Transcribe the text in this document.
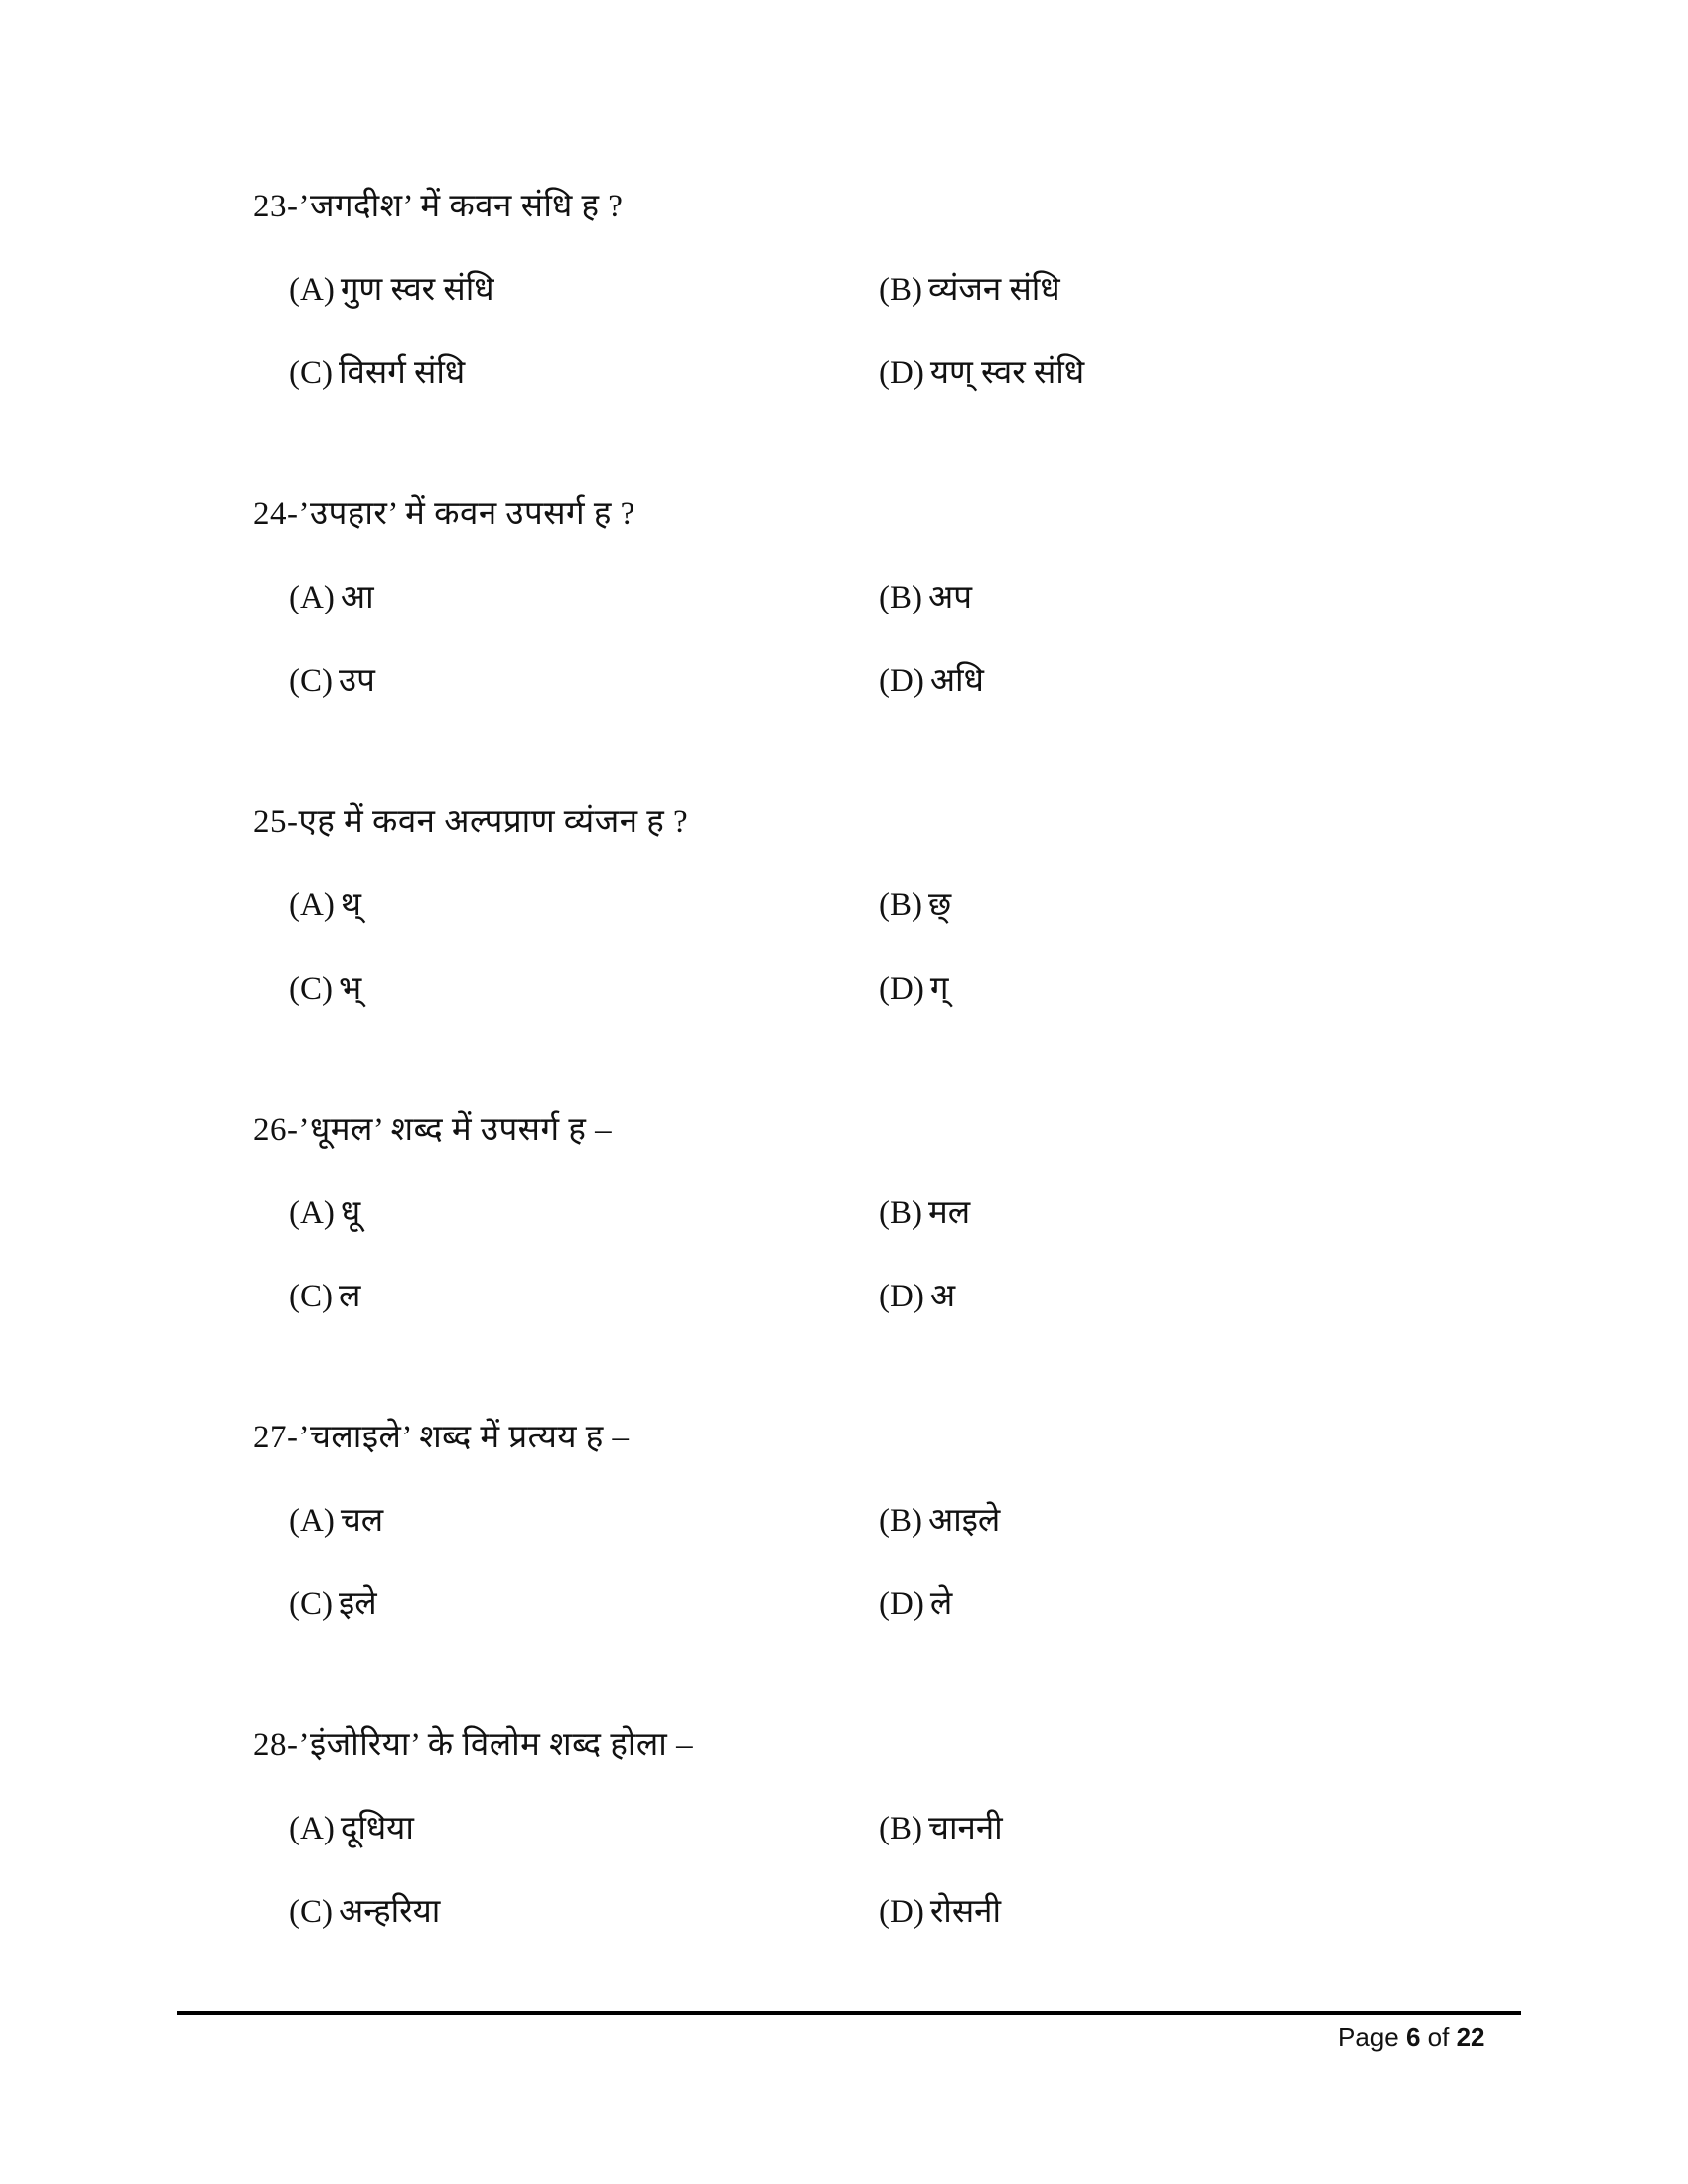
23-’जगदीश’ में कवन संधि ह ?
(A) गुण स्वर संधि	(B) व्यंजन संधि
(C) विसर्ग संधि	(D) यण् स्वर संधि
24-’उपहार’ में कवन उपसर्ग ह ?
(A) आ	(B) अप
(C) उप	(D) अधि
25-एह में कवन अल्पप्राण व्यंजन ह ?
(A) थ्	(B) छ्
(C) भ्	(D) ग्
26-’धूमल’ शब्द में उपसर्ग ह –
(A) धू	(B) मल
(C) ल	(D) अ
27-’चलाइले’ शब्द में प्रत्यय ह –
(A) चल	(B) आइले
(C) इले	(D) ले
28-’इंजोरिया’ के विलोम शब्द होला –
(A) दूधिया	(B) चाननी
(C) अन्हरिया	(D) रोसनी
Page 6 of 22
